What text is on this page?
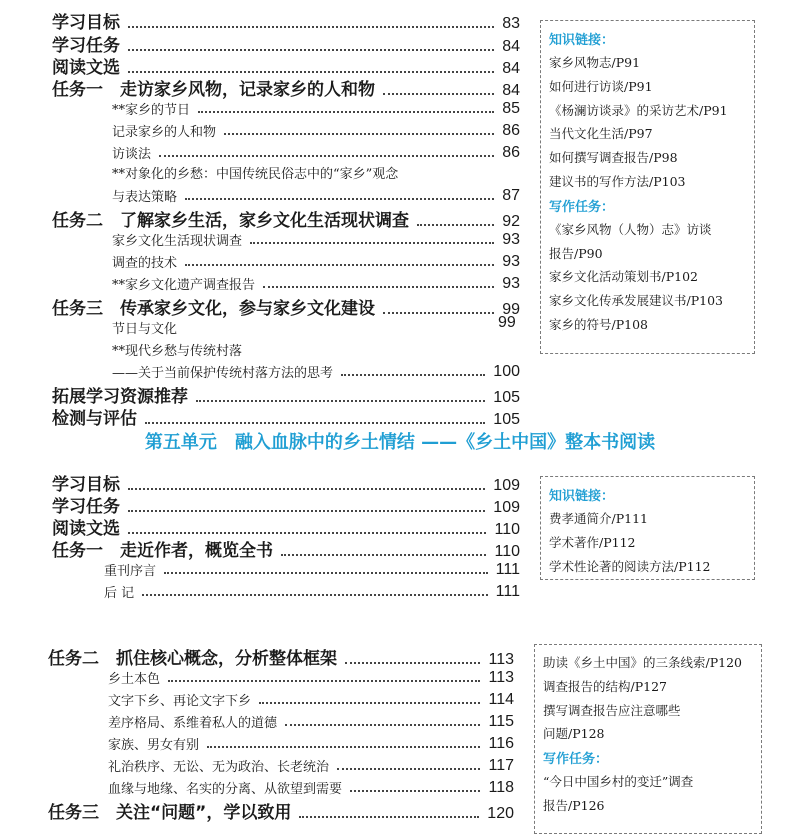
学习目标	83
学习任务	84
阅读文选	84
任务一　走访家乡风物，记录家乡的人和物	84
**家乡的节日	85
记录家乡的人和物	86
访谈法	86
**对象化的乡愁：中国传统民俗志中的“家乡”观念
与表达策略	87
任务二　了解家乡生活，家乡文化生活现状调查	92
家乡文化生活现状调查	93
调查的技术	93
**家乡文化遗产调查报告	93
任务三　传承家乡文化，参与家乡文化建设	99
节日与文化	99
**现代乡愁与传统村落
——关于当前保护传统村落方法的思考	100
拓展学习资源推荐	105
检测与评估	105
知识链接：
家乡风物志/P91
如何进行访谈/P91
《杨澜访谈录》的采访艺术/P91
当代文化生活/P97
如何撰写调查报告/P98
建议书的写作方法/P103
写作任务：
《家乡风物（人物）志》访谈
报告/P90
家乡文化活动策划书/P102
家乡文化传承发展建议书/P103
家乡的符号/P108
第五单元　融入血脉中的乡土情结 ——《乡土中国》整本书阅读
学习目标	109
学习任务	109
阅读文选	110
任务一　走近作者，概览全书	110
重刊序言	111
后 记	111
知识链接：
费孝通简介/P111
学术著作/P112
学术性论著的阅读方法/P112
任务二　抓住核心概念，分析整体框架	113
乡土本色	113
文字下乡、再论文字下乡	114
差序格局、系维着私人的道德	115
家族、男女有别	116
礼治秩序、无讼、无为政治、长老统治	117
血缘与地缘、名实的分离、从欲望到需要	118
任务三　关注“问题”，学以致用	120
助读《乡土中国》的三条线索/P120
调查报告的结构/P127
撰写调查报告应注意哪些
问题/P128
写作任务：
“今日中国乡村的变迁”调查
报告/P126
